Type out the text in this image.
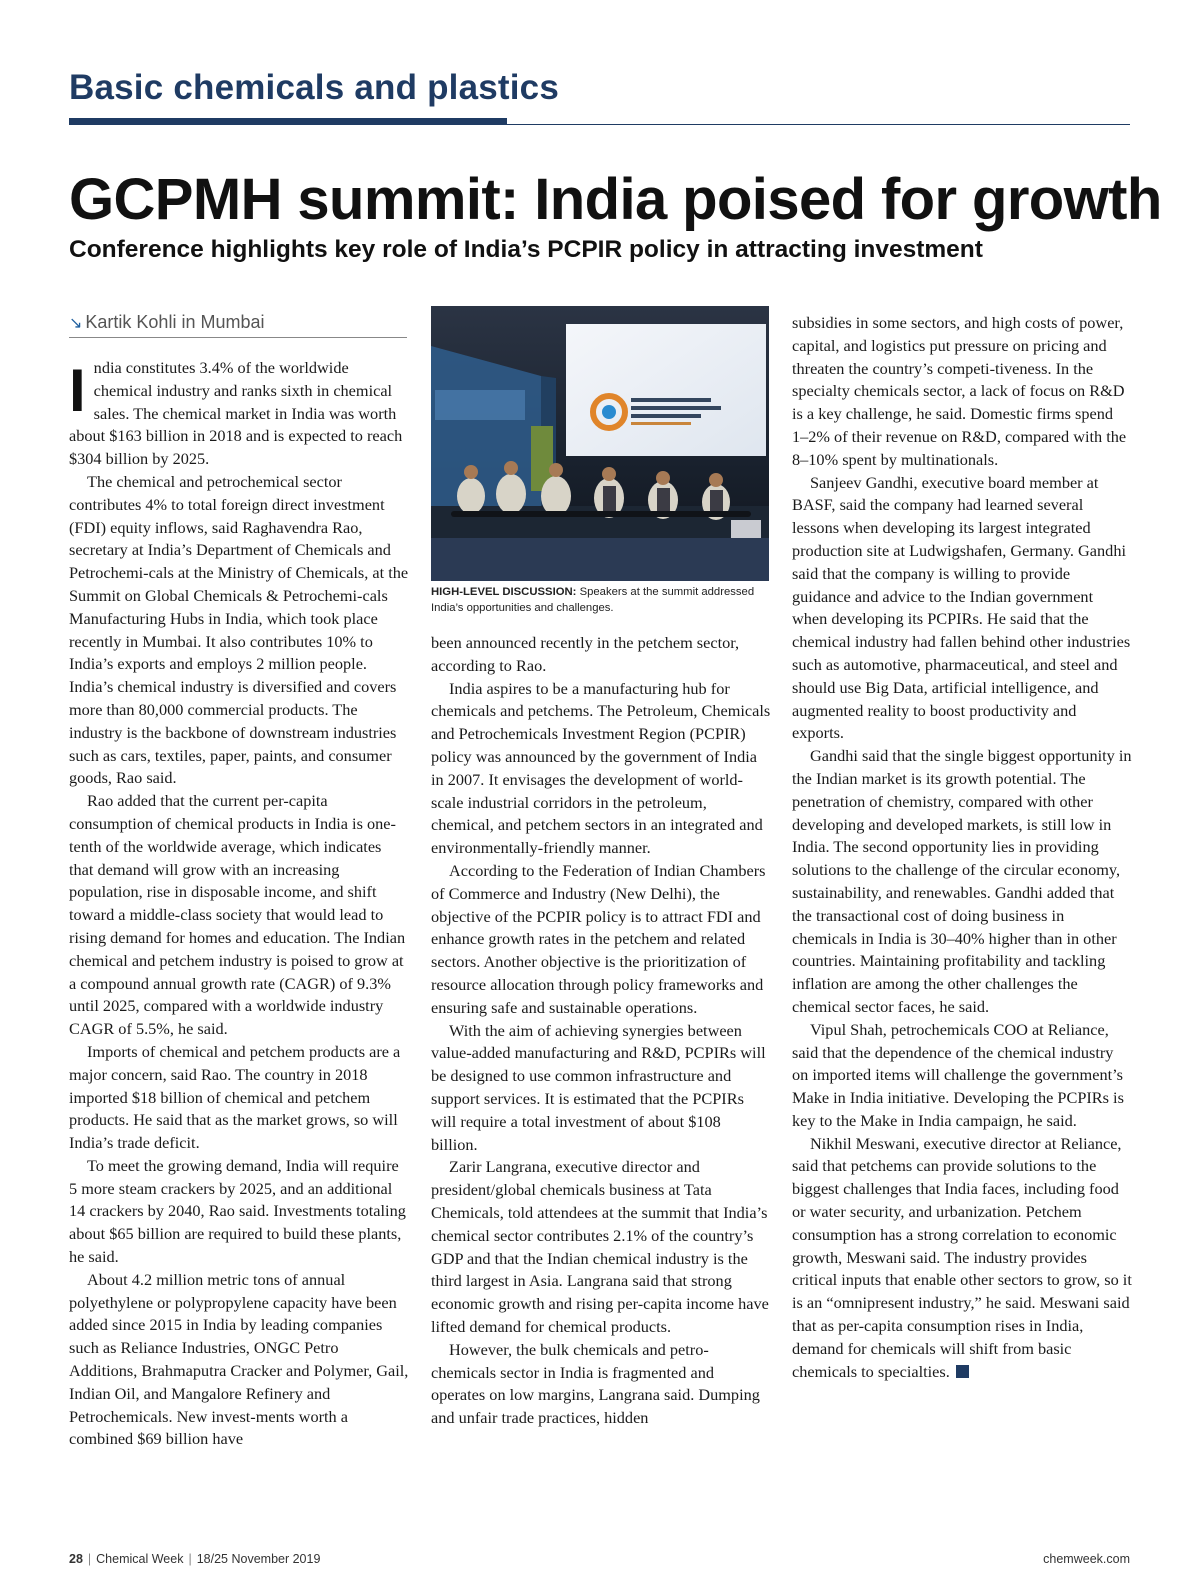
Basic chemicals and plastics
GCPMH summit: India poised for growth
Conference highlights key role of India’s PCPIR policy in attracting investment
↘ Kartik Kohli in Mumbai

India constitutes 3.4% of the worldwide chemical industry and ranks sixth in chemical sales. The chemical market in India was worth about $163 billion in 2018 and is expected to reach $304 billion by 2025.

The chemical and petrochemical sector contributes 4% to total foreign direct investment (FDI) equity inflows, said Raghavendra Rao, secretary at India’s Department of Chemicals and Petrochemi-cals at the Ministry of Chemicals, at the Summit on Global Chemicals & Petrochemi-cals Manufacturing Hubs in India, which took place recently in Mumbai. It also contributes 10% to India’s exports and employs 2 million people. India’s chemical industry is diversified and covers more than 80,000 commercial products. The industry is the backbone of downstream industries such as cars, textiles, paper, paints, and consumer goods, Rao said.

Rao added that the current per-capita consumption of chemical products in India is one-tenth of the worldwide average, which indicates that demand will grow with an increasing population, rise in disposable income, and shift toward a middle-class society that would lead to rising demand for homes and education. The Indian chemical and petchem industry is poised to grow at a compound annual growth rate (CAGR) of 9.3% until 2025, compared with a worldwide industry CAGR of 5.5%, he said.

Imports of chemical and petchem products are a major concern, said Rao. The country in 2018 imported $18 billion of chemical and petchem products. He said that as the market grows, so will India’s trade deficit.

To meet the growing demand, India will require 5 more steam crackers by 2025, and an additional 14 crackers by 2040, Rao said. Investments totaling about $65 billion are required to build these plants, he said.

About 4.2 million metric tons of annual polyethylene or polypropylene capacity have been added since 2015 in India by leading companies such as Reliance Industries, ONGC Petro Additions, Brahmaputra Cracker and Polymer, Gail, Indian Oil, and Mangalore Refinery and Petrochemicals. New invest-ments worth a combined $69 billion have

HIGH-LEVEL DISCUSSION: Speakers at the summit addressed India’s opportunities and challenges.

been announced recently in the petchem sector, according to Rao.

India aspires to be a manufacturing hub for chemicals and petchems. The Petroleum, Chemicals and Petrochemicals Investment Region (PCPIR) policy was announced by the government of India in 2007. It envisages the development of world-scale industrial corridors in the petroleum, chemical, and petchem sectors in an integrated and environmentally-friendly manner.

According to the Federation of Indian Chambers of Commerce and Industry (New Delhi), the objective of the PCPIR policy is to attract FDI and enhance growth rates in the petchem and related sectors. Another objective is the prioritization of resource allocation through policy frameworks and ensuring safe and sustainable operations.

With the aim of achieving synergies between value-added manufacturing and R&D, PCPIRs will be designed to use common infrastructure and support services. It is estimated that the PCPIRs will require a total investment of about $108 billion.

Zarir Langrana, executive director and president/global chemicals business at Tata Chemicals, told attendees at the summit that India’s chemical sector contributes 2.1% of the country’s GDP and that the Indian chemical industry is the third largest in Asia. Langrana said that strong economic growth and rising per-capita income have lifted demand for chemical products.

However, the bulk chemicals and petro-chemicals sector in India is fragmented and operates on low margins, Langrana said. Dumping and unfair trade practices, hidden

subsidies in some sectors, and high costs of power, capital, and logistics put pressure on pricing and threaten the country’s competi-tiveness. In the specialty chemicals sector, a lack of focus on R&D is a key challenge, he said. Domestic firms spend 1–2% of their revenue on R&D, compared with the 8–10% spent by multinationals.

Sanjeev Gandhi, executive board member at BASF, said the company had learned several lessons when developing its largest integrated production site at Ludwigshafen, Germany. Gandhi said that the company is willing to provide guidance and advice to the Indian government when developing its PCPIRs. He said that the chemical industry had fallen behind other industries such as automotive, pharmaceutical, and steel and should use Big Data, artificial intelligence, and augmented reality to boost productivity and exports.

Gandhi said that the single biggest opportunity in the Indian market is its growth potential. The penetration of chemistry, compared with other developing and developed markets, is still low in India. The second opportunity lies in providing solutions to the challenge of the circular economy, sustainability, and renewables. Gandhi added that the transactional cost of doing business in chemicals in India is 30–40% higher than in other countries. Maintaining profitability and tackling inflation are among the other challenges the chemical sector faces, he said.

Vipul Shah, petrochemicals COO at Reliance, said that the dependence of the chemical industry on imported items will challenge the government’s Make in India initiative. Developing the PCPIRs is key to the Make in India campaign, he said.

Nikhil Meswani, executive director at Reliance, said that petchems can provide solutions to the biggest challenges that India faces, including food or water security, and urbanization. Petchem consumption has a strong correlation to economic growth, Meswani said. The industry provides critical inputs that enable other sectors to grow, so it is an “omnipresent industry,” he said. Meswani said that as per-capita consumption rises in India, demand for chemicals will shift from basic chemicals to specialties.

28 | Chemical Week | 18/25 November 2019	chemweek.com
